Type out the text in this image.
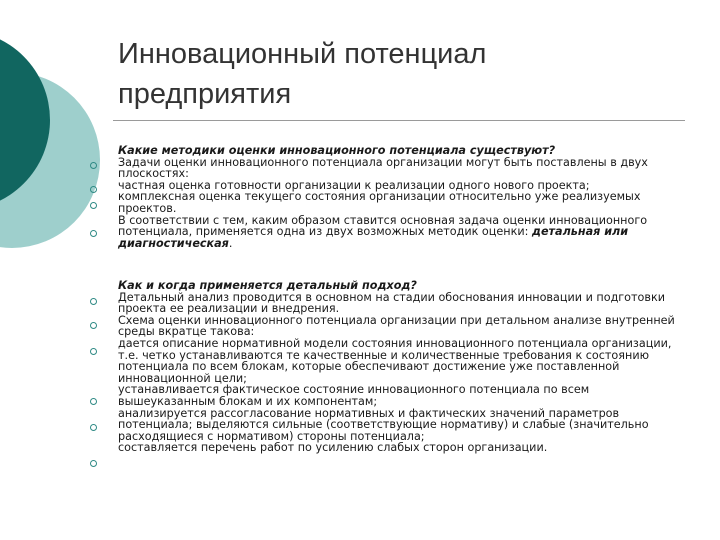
Инновационный потенциал
предприятия

Какие методики оценки инновационного потенциала существуют?

Задачи оценки инновационного потенциала организации могут быть поставлены в двух плоскостях:

частная оценка готовности организации к реализации одного нового проекта;

комплексная оценка текущего состояния организации относительно уже реализуемых проектов.

В соответствии с тем, каким образом ставится основная задача оценки инновационного потенциала, применяется одна из двух возможных методик оценки: детальная или диагностическая.

Как и когда применяется детальный подход?

Детальный анализ проводится в основном на стадии обоснования инновации и подготовки проекта ее реализации и внедрения.

Схема оценки инновационного потенциала организации при детальном анализе внутренней среды вкратце такова:

дается описание нормативной модели состояния инновационного потенциала организации, т.е. четко устанавливаются те качественные и количественные требования к состоянию потенциала по всем блокам, которые обеспечивают достижение уже поставленной инновационной цели;

устанавливается фактическое состояние инновационного потенциала по всем вышеуказанным блокам и их компонентам;

анализируется рассогласование нормативных и фактических значений параметров потенциала; выделяются сильные (соответствующие нормативу) и слабые (значительно расходящиеся с нормативом) стороны потенциала;

составляется перечень работ по усилению слабых сторон организации.
